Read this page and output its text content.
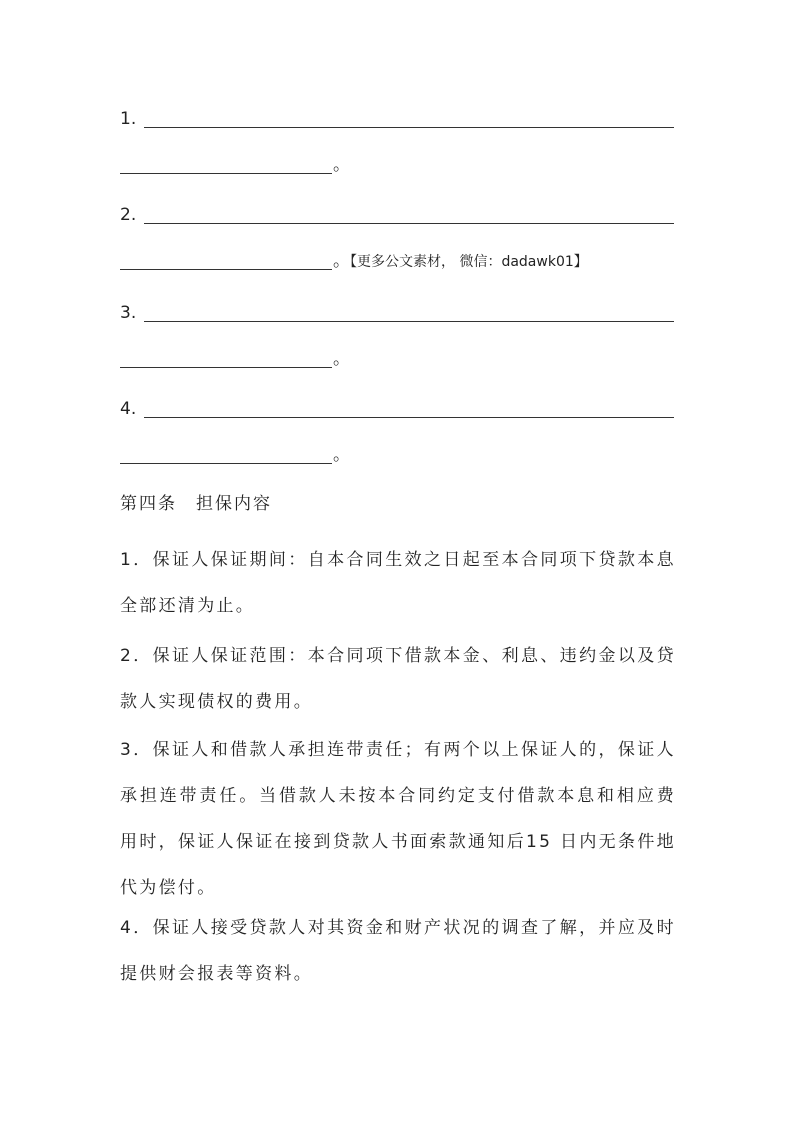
1.
。
2.
。【更多公文素材， 微信：dadawk01】
3.
。
4.
。
第四条　担保内容
1．保证人保证期间：自本合同生效之日起至本合同项下贷款本息全部还清为止。
2．保证人保证范围：本合同项下借款本金、利息、违约金以及贷款人实现债权的费用。
3．保证人和借款人承担连带责任；有两个以上保证人的，保证人承担连带责任。当借款人未按本合同约定支付借款本息和相应费用时，保证人保证在接到贷款人书面索款通知后15 日内无条件地代为偿付。
4．保证人接受贷款人对其资金和财产状况的调查了解，并应及时提供财会报表等资料。
